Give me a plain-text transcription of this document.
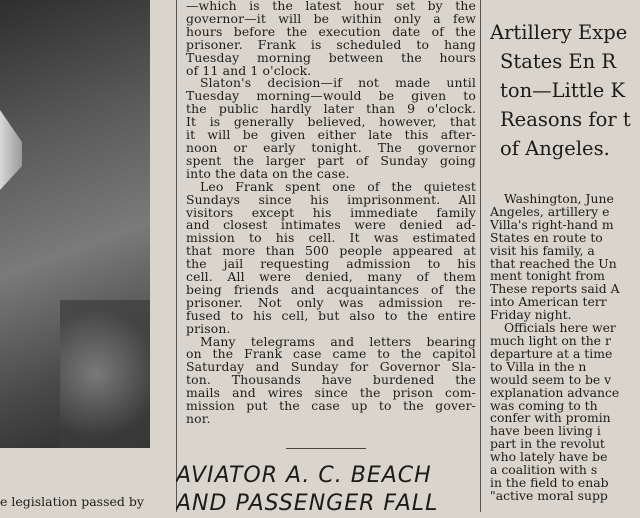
e legislation passed by

—which is the latest hour set by the

governor—it will be within only a few

hours before the execution date of the

prisoner. Frank is scheduled to hang

Tuesday morning between the hours

of 11 and 1 o'clock.

Slaton's decision—if not made until

Tuesday morning—would be given to

the public hardly later than 9 o'clock.

It is generally believed, however, that

it will be given either late this after-

noon or early tonight. The governor

spent the larger part of Sunday going

into the data on the case.

Leo Frank spent one of the quietest

Sundays since his imprisonment. All

visitors except his immediate family

and closest intimates were denied ad-

mission to his cell. It was estimated

that more than 500 people appeared at

the jail requesting admission to his

cell. All were denied, many of them

being friends and acquaintances of the

prisoner. Not only was admission re-

fused to his cell, but also to the entire

prison.

Many telegrams and letters bearing

on the Frank case came to the capitol

Saturday and Sunday for Governor Sla-

ton. Thousands have burdened the

mails and wires since the prison com-

mission put the case up to the gover-

nor.

AVIATOR A. C. BEACH
AND PASSENGER FALL
Artillery Expe
States En R
ton—Little K
Reasons for t
of Angeles.

Washington, June

Angeles, artillery e

Villa's right-hand m

States en route to

visit his family, a

that reached the Un

ment tonight from

These reports said A

into American terr

Friday night.

Officials here wer

much light on the r

departure at a time

to Villa in the n

would seem to be v

explanation advance

was coming to th

confer with promin

have been living i

part in the revolut

who lately have be

a coalition with s

in the field to enab

"active moral supp
